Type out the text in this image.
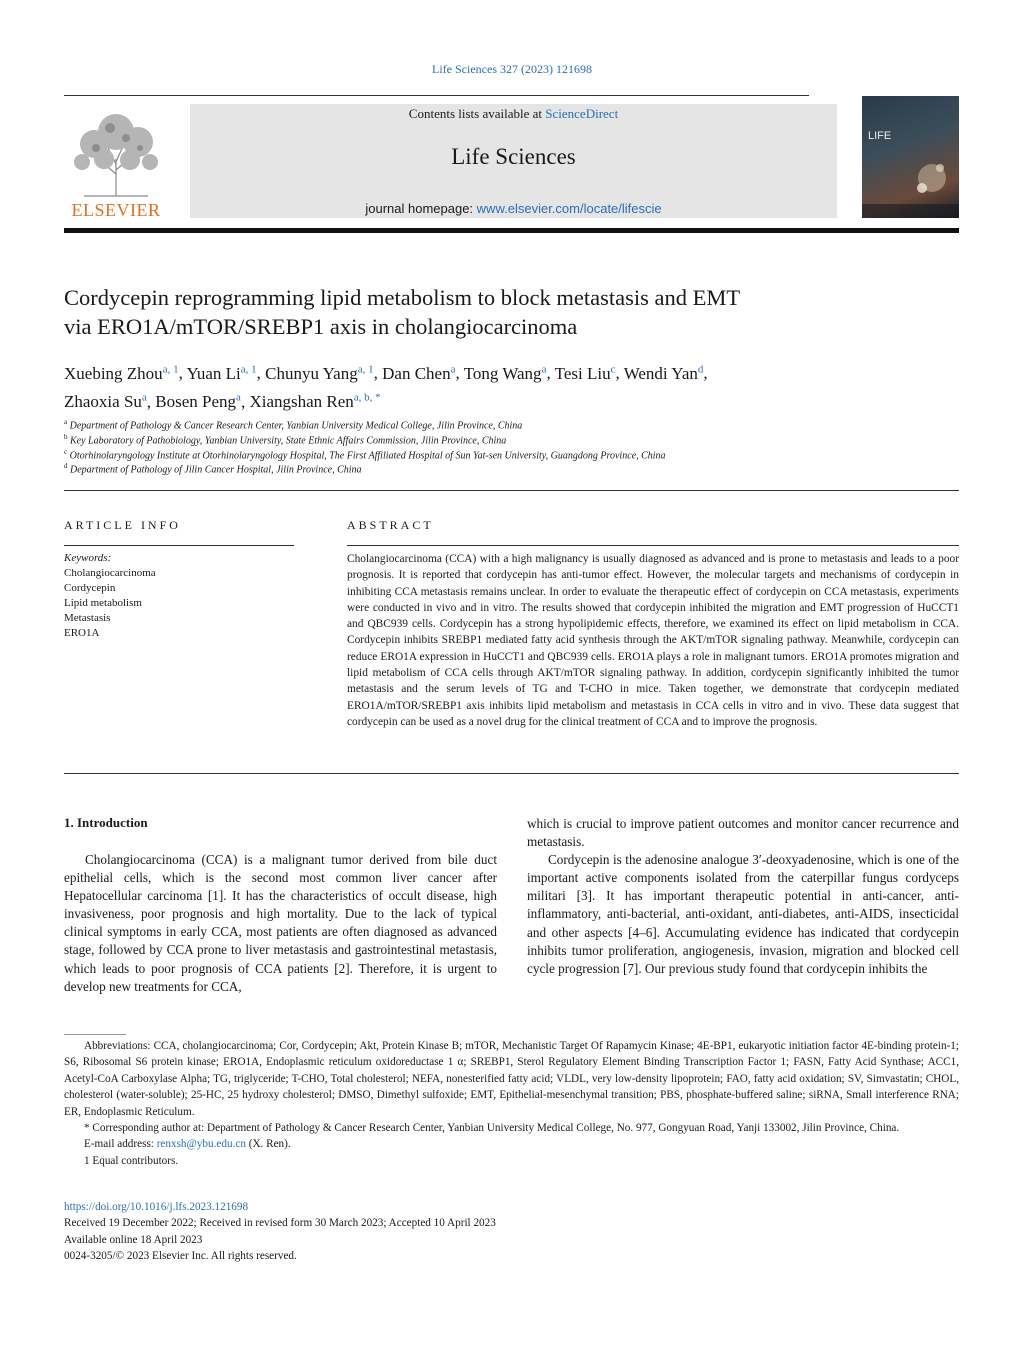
Life Sciences 327 (2023) 121698
ELSEVIER
Contents lists available at ScienceDirect
Life Sciences
journal homepage: www.elsevier.com/locate/lifescie
LIFE
Cordycepin reprogramming lipid metabolism to block metastasis and EMT
via ERO1A/mTOR/SREBP1 axis in cholangiocarcinoma
Xuebing Zhou$^{a, 1}$, Yuan Li$^{a, 1}$, Chunyu Yang$^{a, 1}$, Dan Chen$^a$, Tong Wang$^a$, Tesi Liu$^c$, Wendi Yan$^d$,
Zhaoxia Su$^a$, Bosen Peng$^a$, Xiangshan Ren$^{a, b, *}$
$^a$ Department of Pathology & Cancer Research Center, Yanbian University Medical College, Jilin Province, China
$^b$ Key Laboratory of Pathobiology, Yanbian University, State Ethnic Affairs Commission, Jilin Province, China
$^c$ Otorhinolaryngology Institute at Otorhinolaryngology Hospital, The First Affiliated Hospital of Sun Yat-sen University, Guangdong Province, China
$^d$ Department of Pathology of Jilin Cancer Hospital, Jilin Province, China
ARTICLE INFO	ABSTRACT
Keywords:
Cholangiocarcinoma
Cordycepin
Lipid metabolism
Metastasis
ERO1A
Cholangiocarcinoma (CCA) with a high malignancy is usually diagnosed as advanced and is prone to metastasis and leads to a poor prognosis. It is reported that cordycepin has anti-tumor effect. However, the molecular targets and mechanisms of cordycepin in inhibiting CCA metastasis remains unclear. In order to evaluate the therapeutic effect of cordycepin on CCA metastasis, experiments were conducted in vivo and in vitro. The results showed that cordycepin inhibited the migration and EMT progression of HuCCT1 and QBC939 cells. Cordycepin has a strong hypolipidemic effects, therefore, we examined its effect on lipid metabolism in CCA. Cordycepin inhibits SREBP1 mediated fatty acid synthesis through the AKT/mTOR signaling pathway. Meanwhile, cordycepin can reduce ERO1A expression in HuCCT1 and QBC939 cells. ERO1A plays a role in malignant tumors. ERO1A promotes migration and lipid metabolism of CCA cells through AKT/mTOR signaling pathway. In addition, cordycepin significantly inhibited the tumor metastasis and the serum levels of TG and T-CHO in mice. Taken together, we demonstrate that cordycepin mediated ERO1A/mTOR/SREBP1 axis inhibits lipid metabolism and metastasis in CCA cells in vitro and in vivo. These data suggest that cordycepin can be used as a novel drug for the clinical treatment of CCA and to improve the prognosis.
1. Introduction

Cholangiocarcinoma (CCA) is a malignant tumor derived from bile duct epithelial cells, which is the second most common liver cancer after Hepatocellular carcinoma [1]. It has the characteristics of occult disease, high invasiveness, poor prognosis and high mortality. Due to the lack of typical clinical symptoms in early CCA, most patients are often diagnosed as advanced stage, followed by CCA prone to liver metastasis and gastrointestinal metastasis, which leads to poor prognosis of CCA patients [2]. Therefore, it is urgent to develop new treatments for CCA,

which is crucial to improve patient outcomes and monitor cancer recurrence and metastasis.

Cordycepin is the adenosine analogue 3′-deoxyadenosine, which is one of the important active components isolated from the caterpillar fungus cordyceps militari [3]. It has important therapeutic potential in anti-cancer, anti-inflammatory, anti-bacterial, anti-oxidant, anti-diabetes, anti-AIDS, insecticidal and other aspects [4–6]. Accumulating evidence has indicated that cordycepin inhibits tumor proliferation, angiogenesis, invasion, migration and blocked cell cycle progression [7]. Our previous study found that cordycepin inhibits the

Abbreviations: CCA, cholangiocarcinoma; Cor, Cordycepin; Akt, Protein Kinase B; mTOR, Mechanistic Target Of Rapamycin Kinase; 4E-BP1, eukaryotic initiation factor 4E-binding protein-1; S6, Ribosomal S6 protein kinase; ERO1A, Endoplasmic reticulum oxidoreductase 1 α; SREBP1, Sterol Regulatory Element Binding Transcription Factor 1; FASN, Fatty Acid Synthase; ACC1, Acetyl-CoA Carboxylase Alpha; TG, triglyceride; T-CHO, Total cholesterol; NEFA, nonesterified fatty acid; VLDL, very low-density lipoprotein; FAO, fatty acid oxidation; SV, Simvastatin; CHOL, cholesterol (water-soluble); 25-HC, 25 hydroxy cholesterol; DMSO, Dimethyl sulfoxide; EMT, Epithelial-mesenchymal transition; PBS, phosphate-buffered saline; siRNA, Small interference RNA; ER, Endoplasmic Reticulum.

* Corresponding author at: Department of Pathology & Cancer Research Center, Yanbian University Medical College, No. 977, Gongyuan Road, Yanji 133002, Jilin Province, China.

E-mail address: renxsh@ybu.edu.cn (X. Ren).

1 Equal contributors.

https://doi.org/10.1016/j.lfs.2023.121698

Received 19 December 2022; Received in revised form 30 March 2023; Accepted 10 April 2023

Available online 18 April 2023

0024-3205/© 2023 Elsevier Inc. All rights reserved.
